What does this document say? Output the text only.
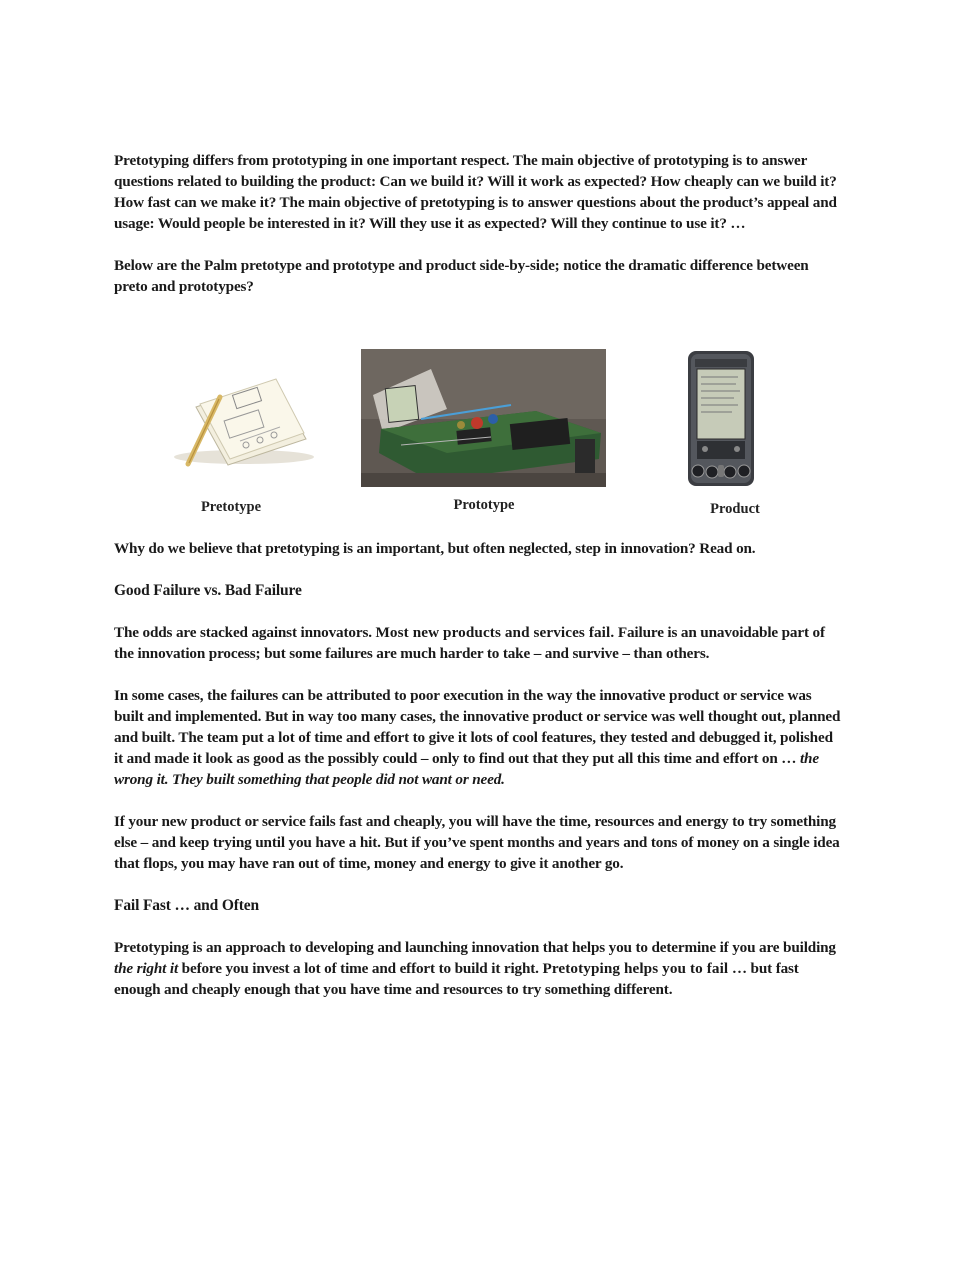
Pretotyping differs from prototyping in one important respect. The main objective of prototyping is to answer questions related to building the product: Can we build it? Will it work as expected? How cheaply can we build it? How fast can we make it? The main objective of pretotyping is to answer questions about the product’s appeal and usage: Would people be interested in it? Will they use it as expected? Will they continue to use it? …

Below are the Palm pretotype and prototype and product side-by-side; notice the dramatic difference between preto and prototypes?

Pretotype	Prototype	Product

Why do we believe that pretotyping is an important, but often neglected, step in innovation? Read on.

Good Failure vs. Bad Failure

The odds are stacked against innovators. Most new products and services fail. Failure is an unavoidable part of the innovation process; but some failures are much harder to take – and survive – than others.

In some cases, the failures can be attributed to poor execution in the way the innovative product or service was built and implemented. But in way too many cases, the innovative product or service was well thought out, planned and built. The team put a lot of time and effort to give it lots of cool features, they tested and debugged it, polished it and made it look as good as the possibly could – only to find out that they put all this time and effort on … the wrong it. They built something that people did not want or need.

If your new product or service fails fast and cheaply, you will have the time, resources and energy to try something else – and keep trying until you have a hit. But if you’ve spent months and years and tons of money on a single idea that flops, you may have ran out of time, money and energy to give it another go.

Fail Fast … and Often

Pretotyping is an approach to developing and launching innovation that helps you to determine if you are building the right it before you invest a lot of time and effort to build it right. Pretotyping helps you to fail … but fast enough and cheaply enough that you have time and resources to try something different.
